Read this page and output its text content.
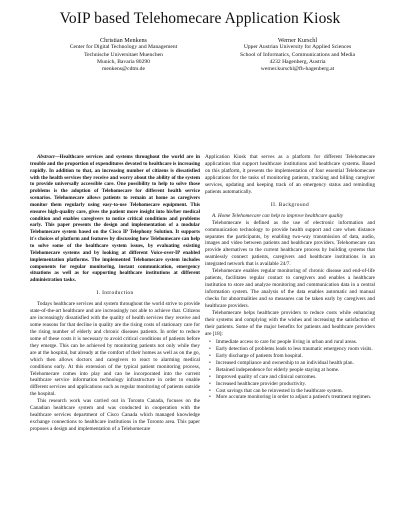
VoIP based Telehomecare Application Kiosk
Christian Menkens
Center for Digital Technology and Management
Technische Universitaet Muenchen
Munich, Bavaria 80290
menkens@cdtm.de
Werner Kurschl
Upper Austrian University for Applied Sciences
School of Informatics, Communications and Media
4232 Hagenberg, Austria
werner.kurschl@fh-hagenberg.at

Abstract—Healthcare services and systems throughout the world are in trouble and the proportion of expenditures devoted to healthcare is increasing rapidly. In addition to that, an increasing number of citizens is dissatisfied with the health services they receive and worry about the ability of the system to provide universally accessible care. One possibility to help to solve those problems is the adoption of Telehomecare for different health service scenarios. Telehomecare allows patients to remain at home as caregivers monitor them regularly using easy-to-use Telehomecare equipment. This ensures high-quality care, gives the patient more insight into his/her medical condition and enables caregivers to notice critical conditions and problems early. This paper presents the design and implementation of a modular Telehomecare system based on the Cisco IP Telephony Solution. It supports it's choices of platform and features by discussing how Telehomecare can help to solve some of the healthcare system issues, by evaluating existing Telehomecare systems and by looking at different Voice-over-IP enabled implementation platforms. The implemented Telehomecare system includes components for regular monitoring, instant communication, emergency situations as well as for supporting healthcare institutions at different administration tasks.

I. Introduction

Todays healthcare services and system throughout the world strive to provide state-of-the-art healthcare and are increasingly not able to achieve that. Citizens are increasingly dissatisfied with the quality of health services they receive and some reasons for that decline in quality are the rising costs of stationary care for the rising number of elderly and chronic diseases patients. In order to reduce some of these costs it is necessary to avoid critical conditions of patients before they emerge. This can be achieved by monitoring patients not only while they are at the hospital, but already at the comfort of their homes as well as on the go, which then allows doctors and caregivers to react to alarming medical conditions early. At this extension of the typical patient monitoring process, Telehomecare comes into play and can be incorporated into the current healthcare service information technology infrastructure in order to enable different services and applications such as regular monitoring of patients outside the hospital.

This research work was carried out in Toronto Canada, focuses on the Canadian healthcare system and was conducted in cooperation with the healthcare services department of Cisco Canada which managed knowledge exchange connections to healthcare institutions in the Toronto area. This paper proposes a design and implementation of a Telehomecare

Application Kiosk that serves as a platform for different Telehomecare applications that support healthcare institutions and healthcare systems. Based on this platform, it presents the implementation of four essential Telehomecare applications for the tasks of monitoring patients, tracking and billing caregiver services, updating and keeping track of an emergency status and reminding patients automatically.

II. Background

A. Home Telehomecare can help to improve healthcare quality

Telehomecare is defined as the use of electronic information and communication technology to provide health support and care when distance separates the participants, by enabling two-way transmission of data, audio, images and video between patients and healthcare providers. Telehomecare can provide alternatives to the current healthcare process by building systems that seamlessly connect patients, caregivers and healthcare institutions in an integrated network that is available 24/7.

Telehomecare enables regular monitoring of chronic disease and end-of-life patients, facilitates regular contact to caregivers and enables a healthcare institution to store and analyze monitoring and communication data in a central information system. The analysis of the data enables automatic and manual checks for abnormalities and so measures can be taken early by caregivers and healthcare providers.

Telehomecare helps healthcare providers to reduce costs while enhancing their systems and complying with the wishes and increasing the satisfaction of their patients. Some of the major benefits for patients and healthcare providers are [18]:

• Immediate access to care for people living in urban and rural areas.
• Early detection of problems leads to less traumatic emergency room visits.
• Early discharge of patients from hospital.
• Increased compliance and ownership to an individual health plan.
• Retained independence for elderly people staying at home.
• Improved quality of care and clinical outcomes.
• Increased healthcare provider productivity.
• Cost savings that can be reinvested in the healthcare system.
• More accurate monitoring in order to adjust a patient's treatment regimen.
